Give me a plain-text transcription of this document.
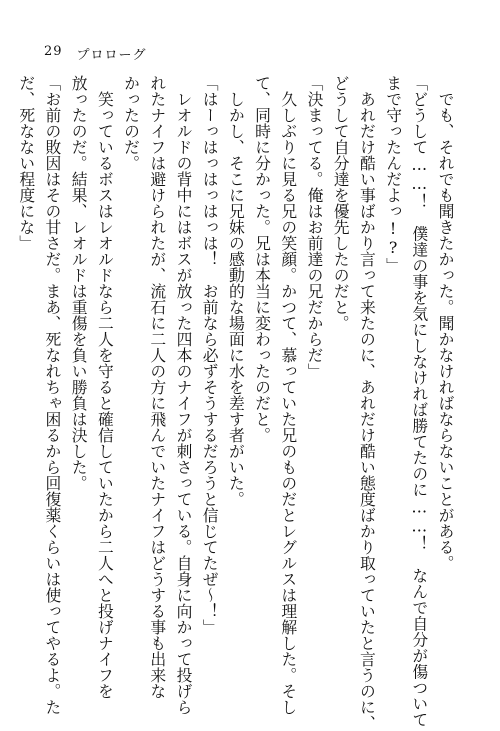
29 プロローグ
　でも、それでも聞きたかった。聞かなければならないことがある。
「どうして……！　僕達の事を気にしなければ勝てたのに……！　なんで自分が傷ついて
まで守ったんだよっ!?」
　あれだけ酷い事ばかり言って来たのに、あれだけ酷い態度ばかり取っていたと言うのに、
どうして自分達を優先したのだと。
「決まってる。俺はお前達の兄だからだ」
　久しぶりに見る兄の笑顔。かつて、慕っていた兄のものだとレグルスは理解した。そし
て、同時に分かった。兄は本当に変わったのだと。
　しかし、そこに兄妹の感動的な場面に水を差す者がいた。
「はーっはっはっはっは！　お前なら必ずそうするだろうと信じてたぜ～！」
　レオルドの背中にはボスが放った四本のナイフが刺さっている。自身に向かって投げら
れたナイフは避けられたが、流石に二人の方に飛んでいたナイフはどうする事も出来な
かったのだ。
　笑っているボスはレオルドなら二人を守ると確信していたから二人へと投げナイフを
放ったのだ。結果、レオルドは重傷を負い勝負は決した。
「お前の敗因はその甘さだ。まあ、死なれちゃ困るから回復薬くらいは使ってやるよ。た
だ、死なない程度にな」
